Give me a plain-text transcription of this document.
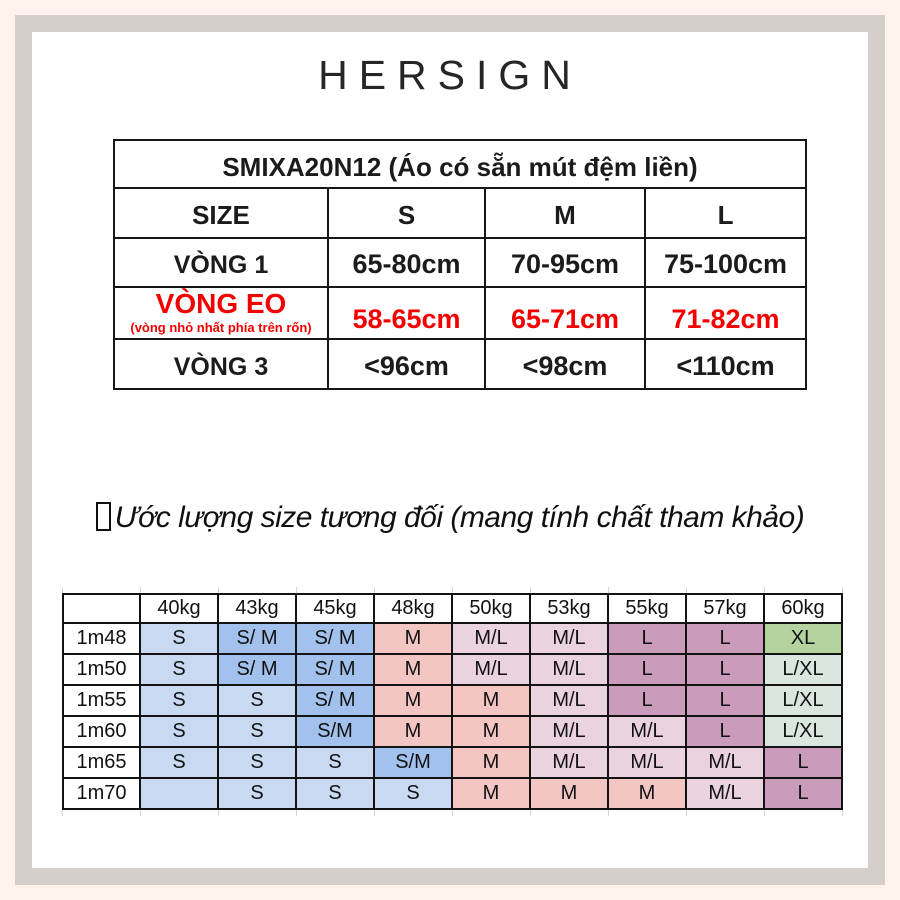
HERSIGN
SMIXA20N12 (Áo có sẵn mút đệm liền)			
SIZE	S	M	L
VÒNG 1	65-80cm	70-95cm	75-100cm
VÒNG EO
(vòng nhỏ nhất phía trên rốn)	58-65cm	65-71cm	71-82cm
VÒNG 3	<96cm	<98cm	<110cm
Ước lượng size tương đối (mang tính chất tham khảo)
	40kg	43kg	45kg	48kg	50kg	53kg	55kg	57kg	60kg
1m48	S	S/ M	S/ M	M	M/L	M/L	L	L	XL
1m50	S	S/ M	S/ M	M	M/L	M/L	L	L	L/XL
1m55	S	S	S/ M	M	M	M/L	L	L	L/XL
1m60	S	S	S/M	M	M	M/L	M/L	L	L/XL
1m65	S	S	S	S/M	M	M/L	M/L	M/L	L
1m70		S	S	S	M	M	M	M/L	L
